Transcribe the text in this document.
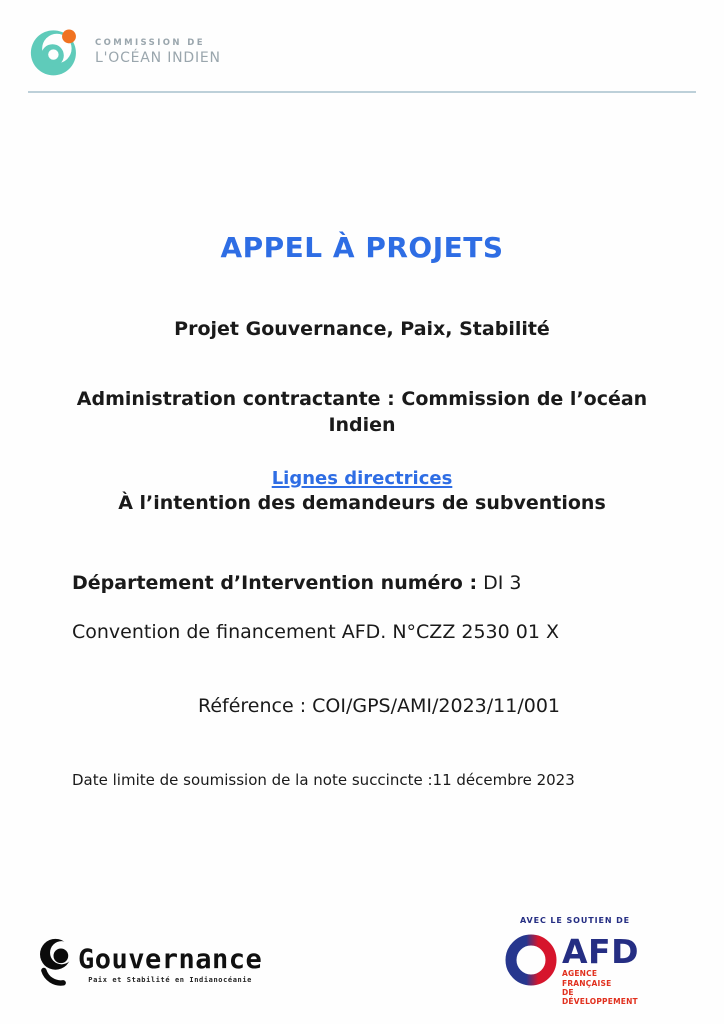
COMMISSION DE
L'OCÉAN INDIEN
APPEL À PROJETS

Projet Gouvernance, Paix, Stabilité

Administration contractante : Commission de l’océan Indien

Lignes directrices

À l’intention des demandeurs de subventions

Département d’Intervention numéro : DI 3

Convention de financement AFD. N°CZZ 2530 01 X

Référence : COI/GPS/AMI/2023/11/001

Date limite de soumission de la note succincte :11 décembre 2023

Gouvernance
Paix et Stabilité en Indianocéanie
AVEC LE SOUTIEN DE
AFD
AGENCE FRANÇAISE
DE DÉVELOPPEMENT
